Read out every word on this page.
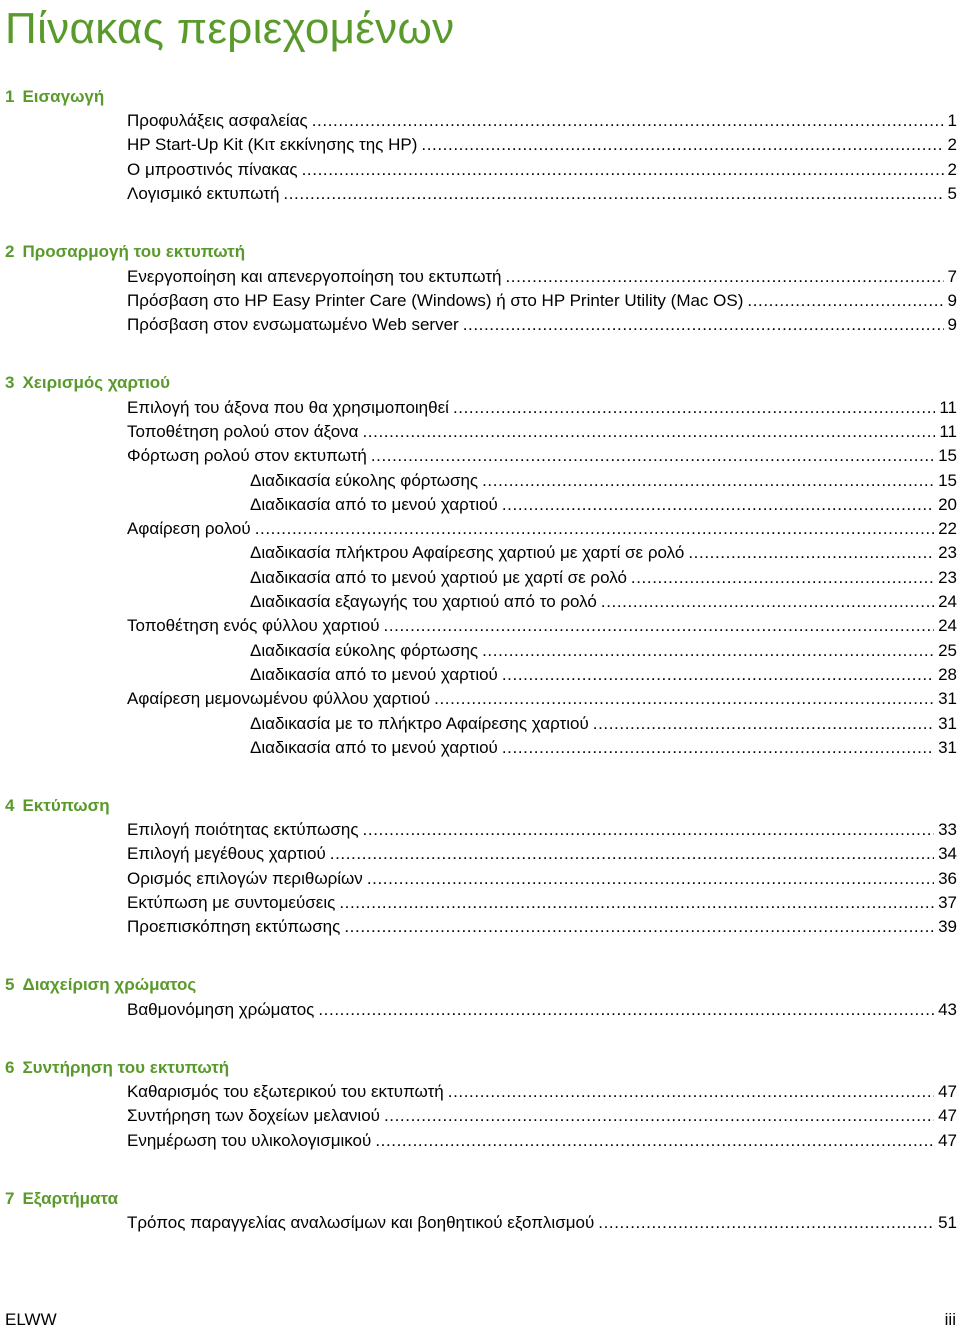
Πίνακας περιεχομένων
1 Εισαγωγή
Προφυλάξεις ασφαλείας .....	1
HP Start-Up Kit (Κιτ εκκίνησης της HP) .....	2
Ο μπροστινός πίνακας .....	2
Λογισμικό εκτυπωτή .....	5
2 Προσαρμογή του εκτυπωτή
Ενεργοποίηση και απενεργοποίηση του εκτυπωτή .....	7
Πρόσβαση στο HP Easy Printer Care (Windows) ή στο HP Printer Utility (Mac OS) .....	9
Πρόσβαση στον ενσωματωμένο Web server .....	9
3 Χειρισμός χαρτιού
Επιλογή του άξονα που θα χρησιμοποιηθεί .....	11
Τοποθέτηση ρολού στον άξονα .....	11
Φόρτωση ρολού στον εκτυπωτή .....	15
Διαδικασία εύκολης φόρτωσης .....	15
Διαδικασία από το μενού χαρτιού .....	20
Αφαίρεση ρολού .....	22
Διαδικασία πλήκτρου Αφαίρεσης χαρτιού με χαρτί σε ρολό .....	23
Διαδικασία από το μενού χαρτιού με χαρτί σε ρολό .....	23
Διαδικασία εξαγωγής του χαρτιού από το ρολό .....	24
Τοποθέτηση ενός φύλλου χαρτιού .....	24
Διαδικασία εύκολης φόρτωσης .....	25
Διαδικασία από το μενού χαρτιού .....	28
Αφαίρεση μεμονωμένου φύλλου χαρτιού .....	31
Διαδικασία με το πλήκτρο Αφαίρεσης χαρτιού .....	31
Διαδικασία από το μενού χαρτιού .....	31
4 Εκτύπωση
Επιλογή ποιότητας εκτύπωσης .....	33
Επιλογή μεγέθους χαρτιού .....	34
Ορισμός επιλογών περιθωρίων .....	36
Εκτύπωση με συντομεύσεις .....	37
Προεπισκόπηση εκτύπωσης .....	39
5 Διαχείριση χρώματος
Βαθμονόμηση χρώματος .....	43
6 Συντήρηση του εκτυπωτή
Καθαρισμός του εξωτερικού του εκτυπωτή .....	47
Συντήρηση των δοχείων μελανιού .....	47
Ενημέρωση του υλικολογισμικού .....	47
7 Εξαρτήματα
Τρόπος παραγγελίας αναλωσίμων και βοηθητικού εξοπλισμού .....	51
ELWW	iii
